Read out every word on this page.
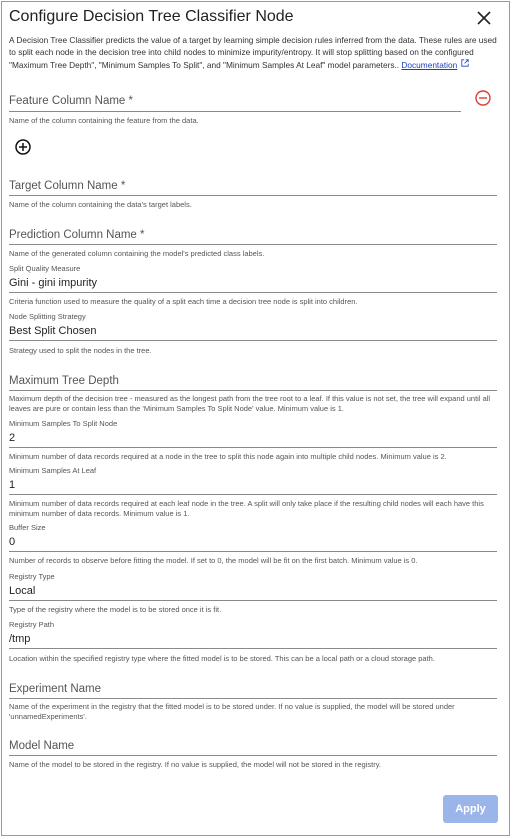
Configure Decision Tree Classifier Node
A Decision Tree Classifier predicts the value of a target by learning simple decision rules inferred from the data. These rules are used to split each node in the decision tree into child nodes to minimize impurity/entropy. It will stop splitting based on the configured "Maximum Tree Depth", "Minimum Samples To Split", and "Minimum Samples At Leaf" model parameters.. Documentation
Feature Column Name *
Name of the column containing the feature from the data.
Target Column Name *
Name of the column containing the data's target labels.
Prediction Column Name *
Name of the generated column containing the model's predicted class labels.
Split Quality Measure
Gini - gini impurity
Criteria function used to measure the quality of a split each time a decision tree node is split into children.
Node Splitting Strategy
Best Split Chosen
Strategy used to split the nodes in the tree.
Maximum Tree Depth
Maximum depth of the decision tree - measured as the longest path from the tree root to a leaf. If this value is not set, the tree will expand until all leaves are pure or contain less than the 'Minimum Samples To Split Node' value. Minimum value is 1.
Minimum Samples To Split Node
2
Minimum number of data records required at a node in the tree to split this node again into multiple child nodes. Minimum value is 2.
Minimum Samples At Leaf
1
Minimum number of data records required at each leaf node in the tree. A split will only take place if the resulting child nodes will each have this minimum number of data records. Minimum value is 1.
Buffer Size
0
Number of records to observe before fitting the model. If set to 0, the model will be fit on the first batch. Minimum value is 0.
Registry Type
Local
Type of the registry where the model is to be stored once it is fit.
Registry Path
/tmp
Location within the specified registry type where the fitted model is to be stored. This can be a local path or a cloud storage path.
Experiment Name
Name of the experiment in the registry that the fitted model is to be stored under. If no value is supplied, the model will be stored under 'unnamedExperiments'.
Model Name
Name of the model to be stored in the registry. If no value is supplied, the model will not be stored in the registry.
Apply
